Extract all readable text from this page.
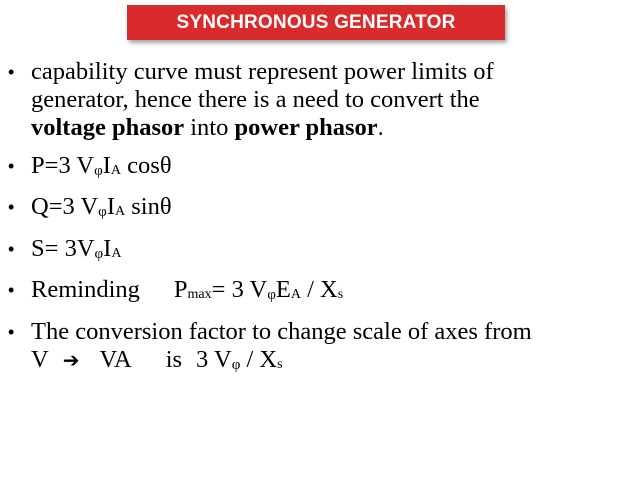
SYNCHRONOUS GENERATOR
• capability curve must represent power limits of
generator, hence there is a need to convert the
voltage phasor into power phasor.
• P=3 VφIA cosθ
• Q=3 VφIA sinθ
• S= 3VφIA
• Reminding Pmax= 3 VφEA / Xs
• The conversion factor to change scale of axes from
V ➔ VA is 3 Vφ / Xs
